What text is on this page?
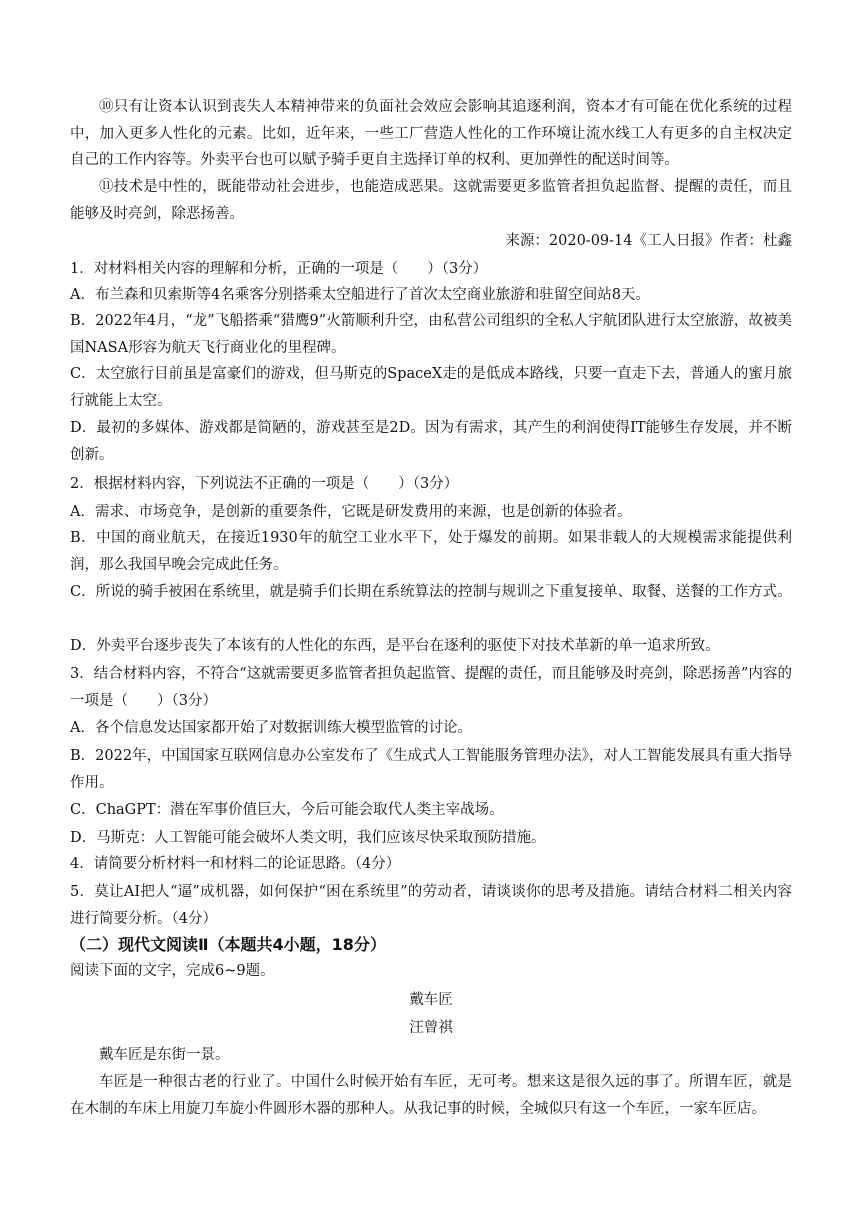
⑩只有让资本认识到丧失人本精神带来的负面社会效应会影响其追逐利润，资本才有可能在优化系统的过程中，加入更多人性化的元素。比如，近年来，一些工厂营造人性化的工作环境让流水线工人有更多的自主权决定自己的工作内容等。外卖平台也可以赋予骑手更自主选择订单的权利、更加弹性的配送时间等。
⑪技术是中性的，既能带动社会进步，也能造成恶果。这就需要更多监管者担负起监督、提醒的责任，而且能够及时亮剑，除恶扬善。
来源：2020-09-14《工人日报》作者：杜鑫
1．对材料相关内容的理解和分析，正确的一项是（　　）（3分）
A．布兰森和贝索斯等4名乘客分别搭乘太空船进行了首次太空商业旅游和驻留空间站8天。
B．2022年4月，“龙”飞船搭乘“猎鹰9”火箭顺利升空，由私营公司组织的全私人宇航团队进行太空旅游，故被美国NASA形容为航天飞行商业化的里程碑。
C．太空旅行目前虽是富豪们的游戏，但马斯克的SpaceX走的是低成本路线，只要一直走下去，普通人的蜜月旅行就能上太空。
D．最初的多媒体、游戏都是简陋的，游戏甚至是2D。因为有需求，其产生的利润使得IT能够生存发展，并不断创新。
2．根据材料内容，下列说法不正确的一项是（　　）（3分）
A．需求、市场竞争，是创新的重要条件，它既是研发费用的来源，也是创新的体验者。
B．中国的商业航天，在接近1930年的航空工业水平下，处于爆发的前期。如果非载人的大规模需求能提供利润，那么我国早晚会完成此任务。
C．所说的骑手被困在系统里，就是骑手们长期在系统算法的控制与规训之下重复接单、取餐、送餐的工作方式。
D．外卖平台逐步丧失了本该有的人性化的东西，是平台在逐利的驱使下对技术革新的单一追求所致。
3．结合材料内容，不符合“这就需要更多监管者担负起监管、提醒的责任，而且能够及时亮剑，除恶扬善”内容的一项是（　　）（3分）
A．各个信息发达国家都开始了对数据训练大模型监管的讨论。
B．2022年，中国国家互联网信息办公室发布了《生成式人工智能服务管理办法》，对人工智能发展具有重大指导作用。
C．ChaGPT：潜在军事价值巨大，今后可能会取代人类主宰战场。
D．马斯克：人工智能可能会破坏人类文明，我们应该尽快采取预防措施。
4．请简要分析材料一和材料二的论证思路。（4分）
5．莫让AI把人“逼”成机器，如何保护“困在系统里”的劳动者，请谈谈你的思考及措施。请结合材料二相关内容进行简要分析。（4分）
（二）现代文阅读Ⅱ（本题共4小题，18分）
阅读下面的文字，完成6~9题。
戴车匠
汪曾祺
戴车匠是东街一景。
车匠是一种很古老的行业了。中国什么时候开始有车匠，无可考。想来这是很久远的事了。所谓车匠，就是在木制的车床上用旋刀车旋小件圆形木器的那种人。从我记事的时候，全城似只有这一个车匠，一家车匠店。
